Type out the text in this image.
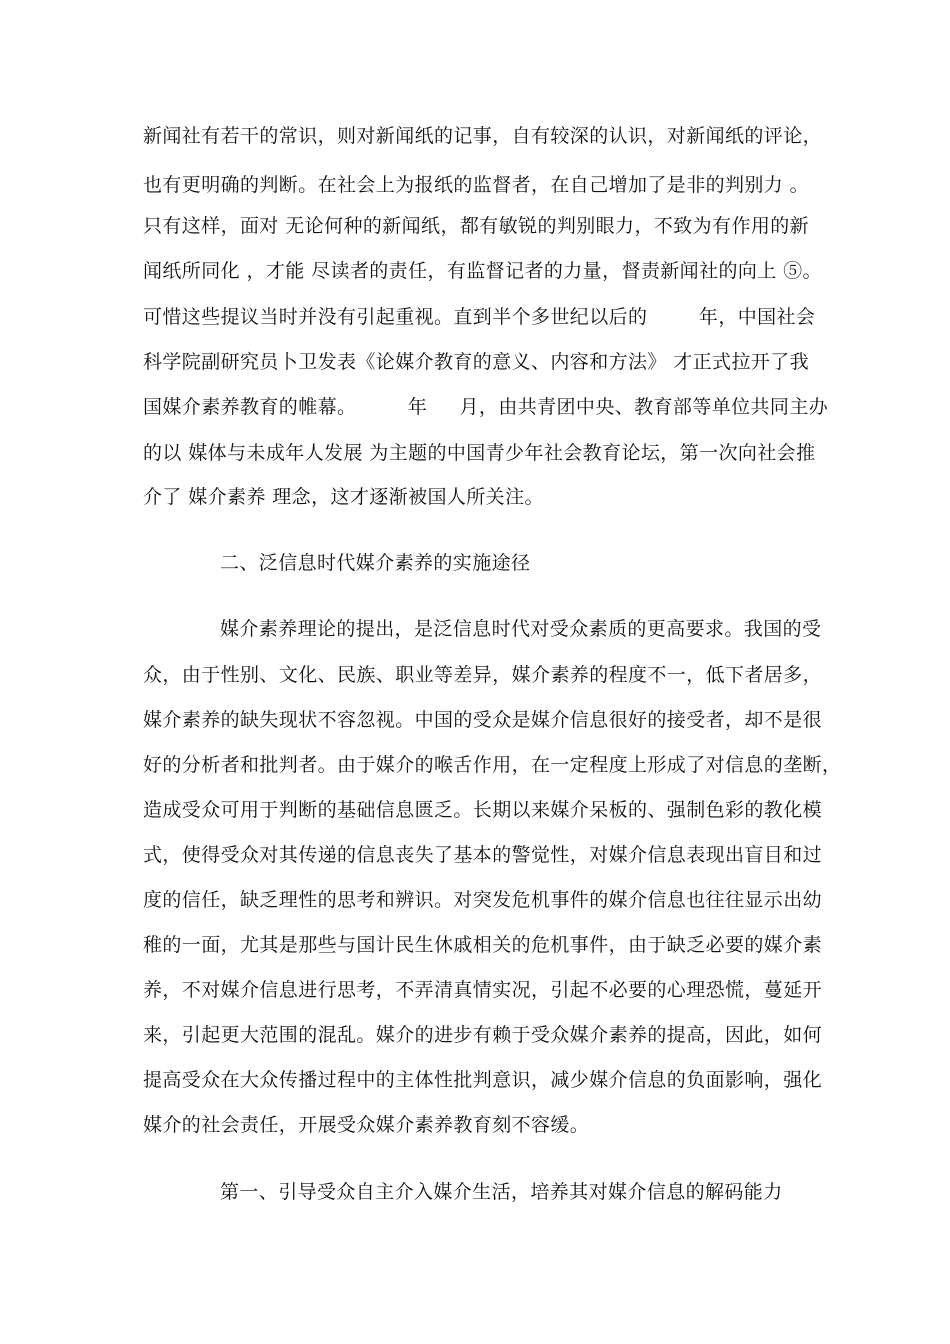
新闻社有若干的常识，则对新闻纸的记事，自有较深的认识，对新闻纸的评论，
也有更明确的判断。在社会上为报纸的监督者，在自己增加了是非的判别力 。
只有这样，面对 无论何种的新闻纸，都有敏锐的判别眼力，不致为有作用的新
闻纸所同化 ，才能 尽读者的责任，有监督记者的力量，督责新闻社的向上 ⑤。
可惜这些提议当时并没有引起重视。直到半个多世纪以后的        年，中国社会
科学院副研究员卜卫发表《论媒介教育的意义、内容和方法》 才正式拉开了我
国媒介素养教育的帷幕。        年     月，由共青团中央、教育部等单位共同主办
的以 媒体与未成年人发展 为主题的中国青少年社会教育论坛，第一次向社会推
介了 媒介素养 理念，这才逐渐被国人所关注。
二、泛信息时代媒介素养的实施途径
媒介素养理论的提出，是泛信息时代对受众素质的更高要求。我国的受
众，由于性别、文化、民族、职业等差异，媒介素养的程度不一，低下者居多，
媒介素养的缺失现状不容忽视。中国的受众是媒介信息很好的接受者，却不是很
好的分析者和批判者。由于媒介的喉舌作用，在一定程度上形成了对信息的垄断，
造成受众可用于判断的基础信息匮乏。长期以来媒介呆板的、强制色彩的教化模
式，使得受众对其传递的信息丧失了基本的警觉性，对媒介信息表现出盲目和过
度的信任，缺乏理性的思考和辨识。对突发危机事件的媒介信息也往往显示出幼
稚的一面，尤其是那些与国计民生休戚相关的危机事件，由于缺乏必要的媒介素
养，不对媒介信息进行思考，不弄清真情实况，引起不必要的心理恐慌，蔓延开
来，引起更大范围的混乱。媒介的进步有赖于受众媒介素养的提高，因此，如何
提高受众在大众传播过程中的主体性批判意识，减少媒介信息的负面影响，强化
媒介的社会责任，开展受众媒介素养教育刻不容缓。
第一、引导受众自主介入媒介生活，培养其对媒介信息的解码能力
